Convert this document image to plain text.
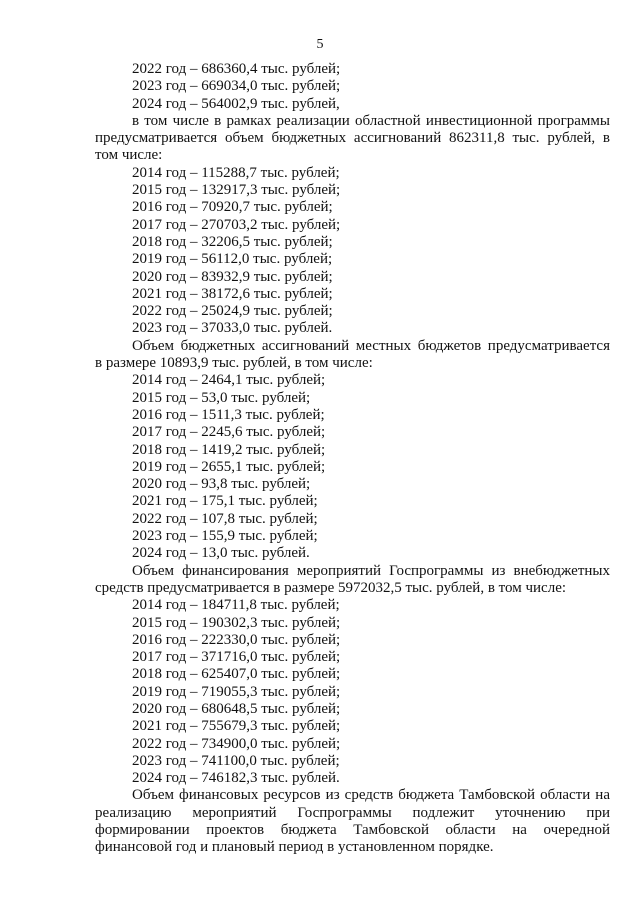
5
2022 год – 686360,4 тыс. рублей;
2023 год – 669034,0 тыс. рублей;
2024 год – 564002,9 тыс. рублей,
в том числе в рамках реализации областной инвестиционной программы
предусматривается объем бюджетных ассигнований 862311,8 тыс. рублей, в
том числе:
2014 год – 115288,7 тыс. рублей;
2015 год – 132917,3 тыс. рублей;
2016 год – 70920,7 тыс. рублей;
2017 год – 270703,2 тыс. рублей;
2018 год – 32206,5 тыс. рублей;
2019 год – 56112,0 тыс. рублей;
2020 год – 83932,9 тыс. рублей;
2021 год – 38172,6 тыс. рублей;
2022 год – 25024,9 тыс. рублей;
2023 год – 37033,0 тыс. рублей.
Объем бюджетных ассигнований местных бюджетов предусматривается
в размере 10893,9 тыс. рублей, в том числе:
2014 год – 2464,1 тыс. рублей;
2015 год – 53,0 тыс. рублей;
2016 год – 1511,3 тыс. рублей;
2017 год – 2245,6 тыс. рублей;
2018 год – 1419,2 тыс. рублей;
2019 год – 2655,1 тыс. рублей;
2020 год – 93,8 тыс. рублей;
2021 год – 175,1 тыс. рублей;
2022 год – 107,8 тыс. рублей;
2023 год – 155,9 тыс. рублей;
2024 год – 13,0 тыс. рублей.
Объем финансирования мероприятий Госпрограммы из внебюджетных
средств предусматривается в размере 5972032,5 тыс. рублей, в том числе:
2014 год – 184711,8 тыс. рублей;
2015 год – 190302,3 тыс. рублей;
2016 год – 222330,0 тыс. рублей;
2017 год – 371716,0 тыс. рублей;
2018 год – 625407,0 тыс. рублей;
2019 год – 719055,3 тыс. рублей;
2020 год – 680648,5 тыс. рублей;
2021 год – 755679,3 тыс. рублей;
2022 год – 734900,0 тыс. рублей;
2023 год – 741100,0 тыс. рублей;
2024 год – 746182,3 тыс. рублей.
Объем финансовых ресурсов из средств бюджета Тамбовской области на
реализацию мероприятий Госпрограммы подлежит уточнению при
формировании проектов бюджета Тамбовской области на очередной
финансовой год и плановый период в установленном порядке.
